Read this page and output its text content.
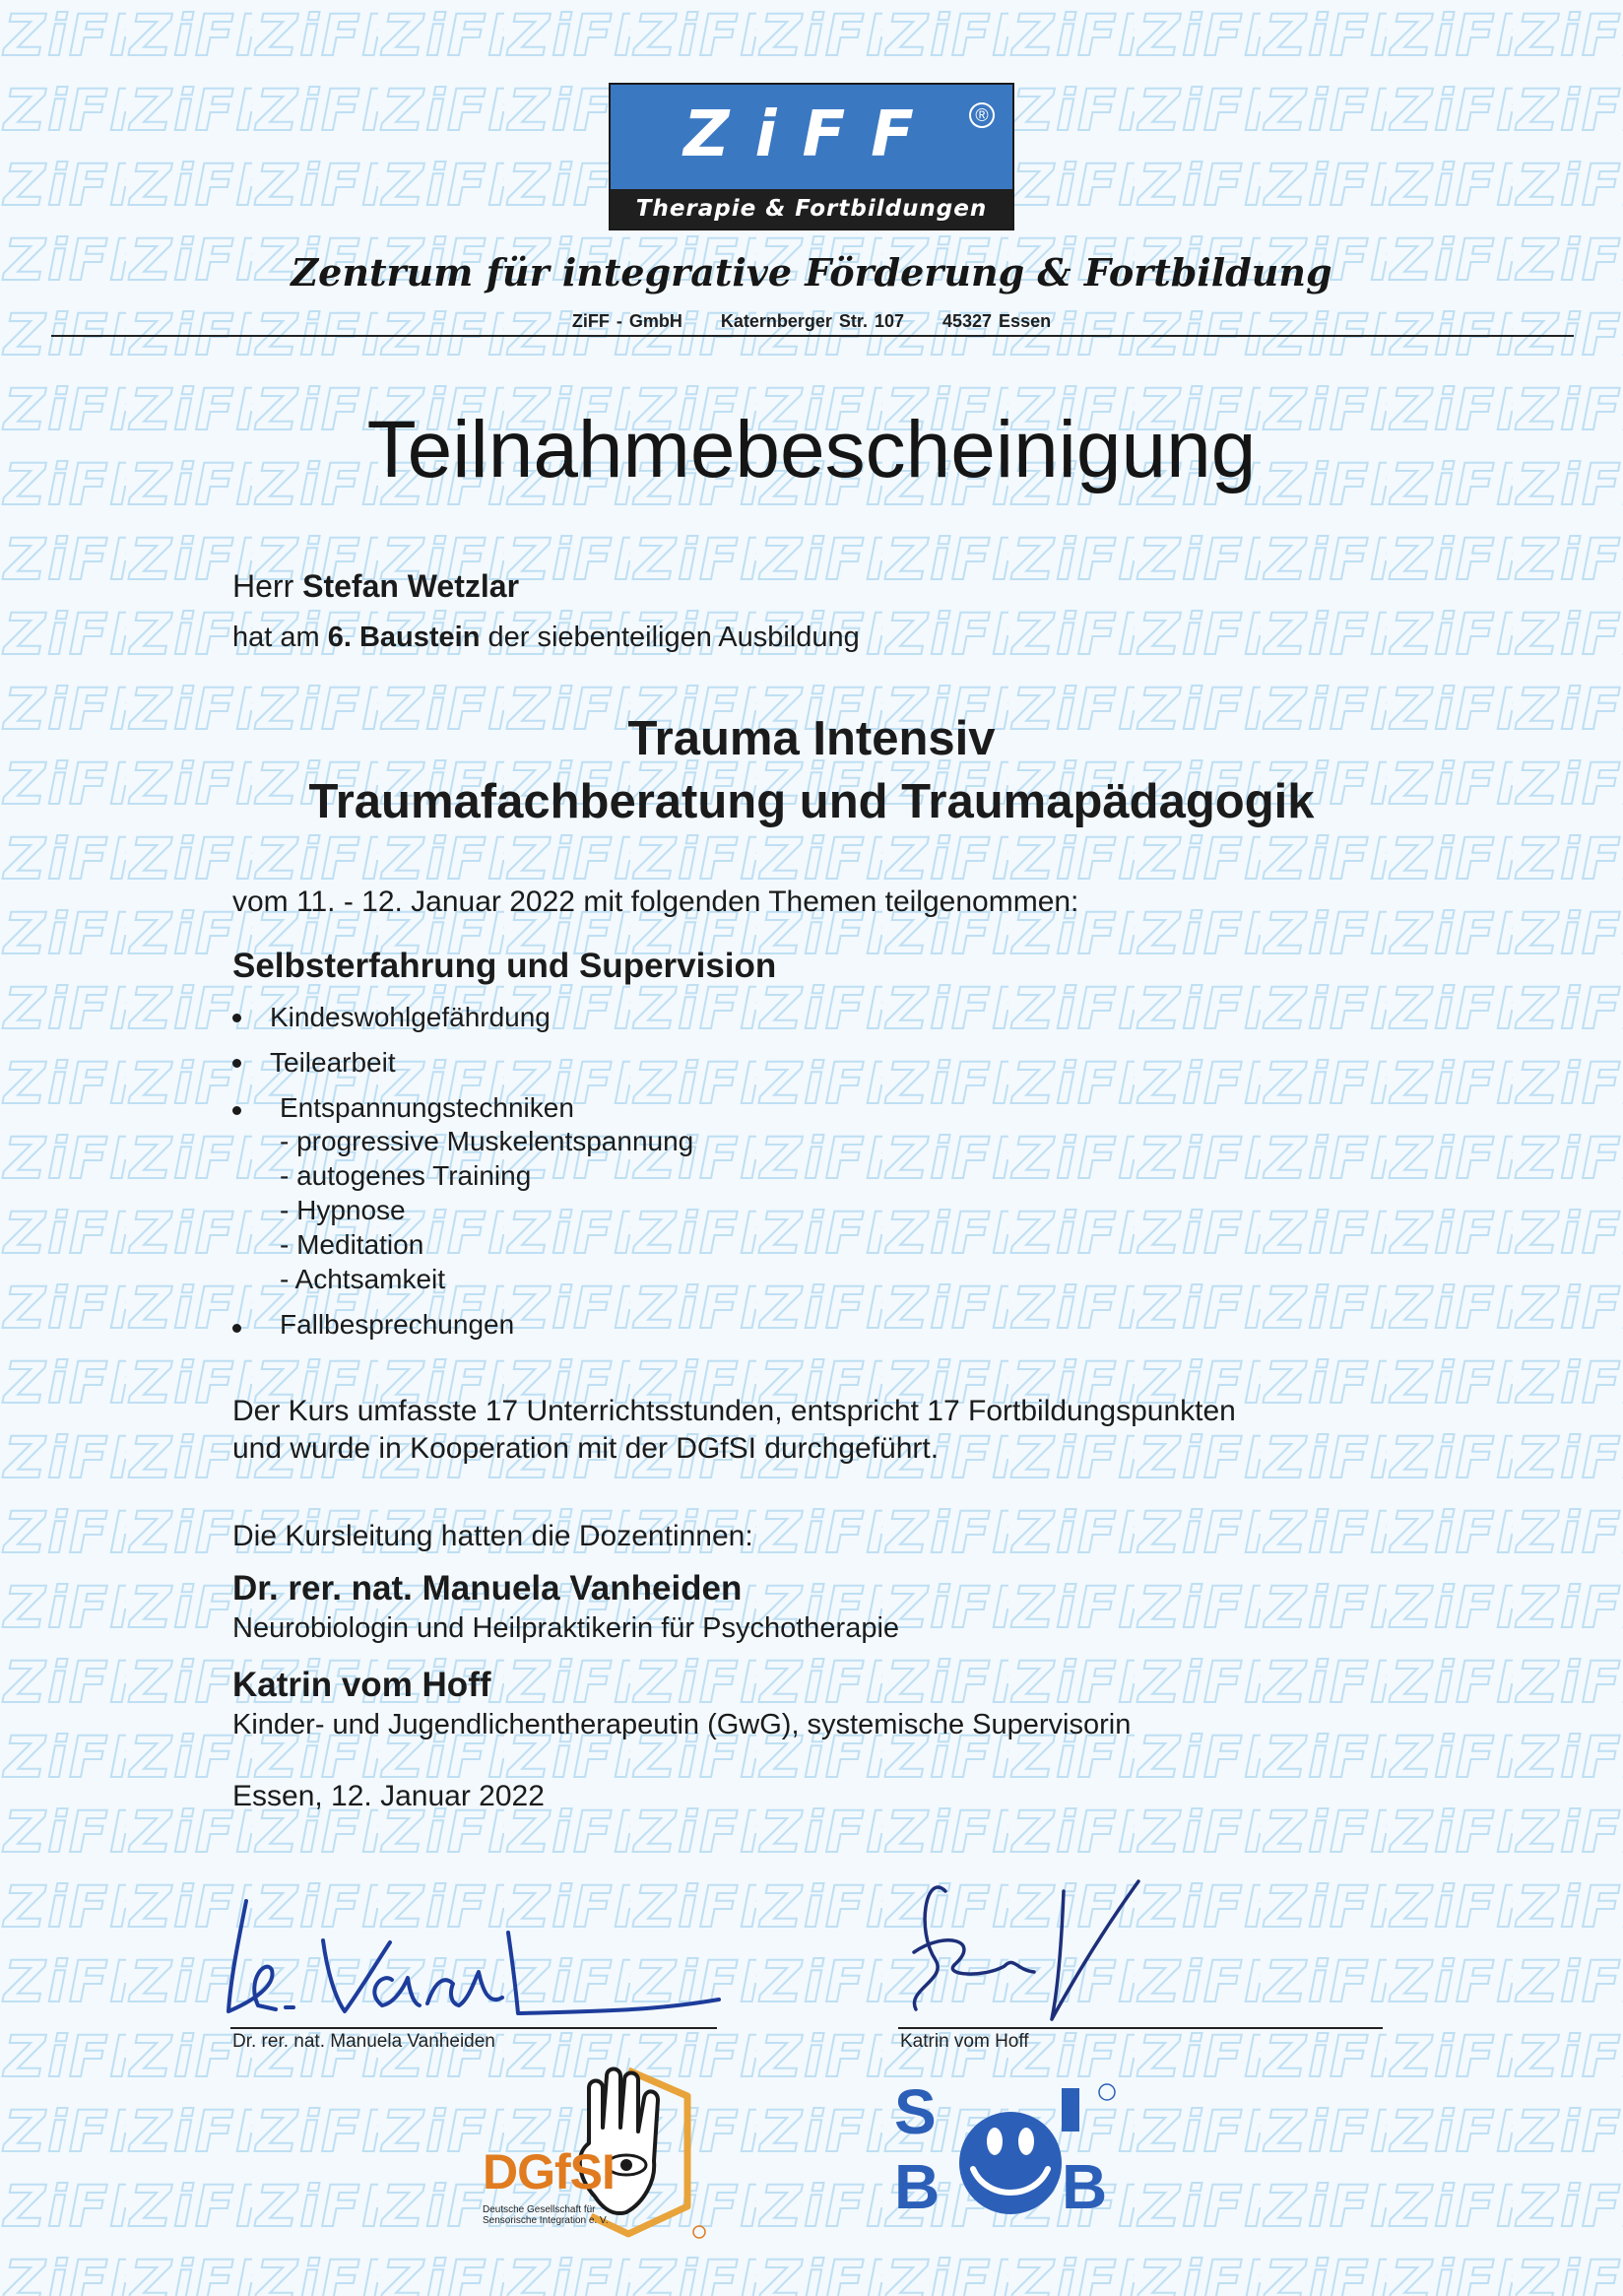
ZiFF	®
Therapie & Fortbildungen
Zentrum für integrative Förderung & Fortbildung
ZiFF - GmbH Katernberger Str. 107 45327 Essen
Teilnahmebescheinigung
Herr Stefan Wetzlar
hat am 6. Baustein der siebenteiligen Ausbildung
Trauma Intensiv
Traumafachberatung und Traumapädagogik
vom 11. - 12. Januar 2022 mit folgenden Themen teilgenommen:
Selbsterfahrung und Supervision
Kindeswohlgefährdung
Teilearbeit
Entspannungstechniken
- progressive Muskelentspannung
- autogenes Training
- Hypnose
- Meditation
- Achtsamkeit
Fallbesprechungen
Der Kurs umfasste 17 Unterrichtsstunden, entspricht 17 Fortbildungspunkten
und wurde in Kooperation mit der DGfSI durchgeführt.
Die Kursleitung hatten die Dozentinnen:
Dr. rer. nat. Manuela Vanheiden
Neurobiologin und Heilpraktikerin für Psychotherapie
Katrin vom Hoff
Kinder- und Jugendlichentherapeutin (GwG), systemische Supervisorin
Essen, 12. Januar 2022
Dr. rer. nat. Manuela Vanheiden	Katrin vom Hoff
DGfSI
Deutsche Gesellschaft für
Sensorische Integration e. V.
S
B B
